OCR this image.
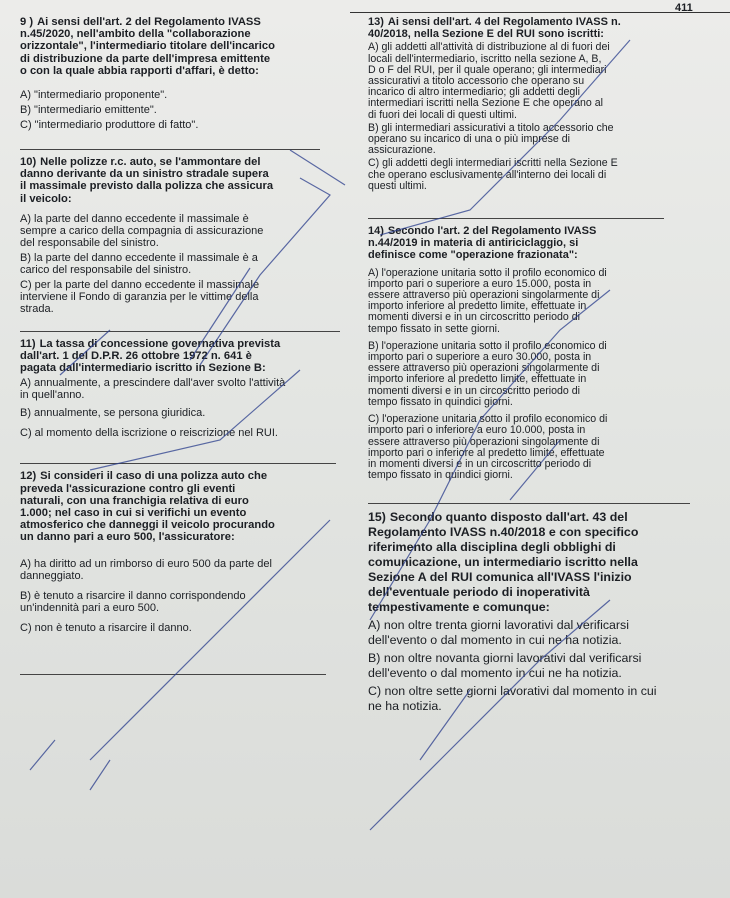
411
9 ) Ai sensi dell'art. 2 del Regolamento IVASS
n.45/2020, nell'ambito della "collaborazione
orizzontale", l'intermediario titolare dell'incarico
di distribuzione da parte dell'impresa emittente
o con la quale abbia rapporti d'affari, è detto:
A) "intermediario proponente".
B) "intermediario emittente".
C) "intermediario produttore di fatto".
10) Nelle polizze r.c. auto, se l'ammontare del
danno derivante da un sinistro stradale supera
il massimale previsto dalla polizza che assicura
il veicolo:
A) la parte del danno eccedente il massimale è
sempre a carico della compagnia di assicurazione
del responsabile del sinistro.
B) la parte del danno eccedente il massimale è a
carico del responsabile del sinistro.
C) per la parte del danno eccedente il massimale
interviene il Fondo di garanzia per le vittime della
strada.
11) La tassa di concessione governativa prevista
dall'art. 1 del D.P.R. 26 ottobre 1972 n. 641 è
pagata dall'intermediario iscritto in Sezione B:
A) annualmente, a prescindere dall'aver svolto l'attività
in quell'anno.
B) annualmente, se persona giuridica.
C) al momento della iscrizione o reiscrizione nel RUI.
12) Si consideri il caso di una polizza auto che
preveda l'assicurazione contro gli eventi
naturali, con una franchigia relativa di euro
1.000; nel caso in cui si verifichi un evento
atmosferico che danneggi il veicolo procurando
un danno pari a euro 500, l'assicuratore:
A) ha diritto ad un rimborso di euro 500 da parte del
danneggiato.
B) è tenuto a risarcire il danno corrispondendo
un'indennità pari a euro 500.
C) non è tenuto a risarcire il danno.
13) Ai sensi dell'art. 4 del Regolamento IVASS n.
40/2018, nella Sezione E del RUI sono iscritti:
A) gli addetti all'attività di distribuzione al di fuori dei
locali dell'intermediario, iscritto nella sezione A, B,
D o F del RUI, per il quale operano; gli intermediari
assicurativi a titolo accessorio che operano su
incarico di altro intermediario; gli addetti degli
intermediari iscritti nella Sezione E che operano al
di fuori dei locali di questi ultimi.
B) gli intermediari assicurativi a titolo accessorio che
operano su incarico di una o più imprese di
assicurazione.
C) gli addetti degli intermediari iscritti nella Sezione E
che operano esclusivamente all'interno dei locali di
questi ultimi.
14) Secondo l'art. 2 del Regolamento IVASS
n.44/2019 in materia di antiriciclaggio, si
definisce come "operazione frazionata":
A) l'operazione unitaria sotto il profilo economico di
importo pari o superiore a euro 15.000, posta in
essere attraverso più operazioni singolarmente di
importo inferiore al predetto limite, effettuate in
momenti diversi e in un circoscritto periodo di
tempo fissato in sette giorni.
B) l'operazione unitaria sotto il profilo economico di
importo pari o superiore a euro 30.000, posta in
essere attraverso più operazioni singolarmente di
importo inferiore al predetto limite, effettuate in
momenti diversi e in un circoscritto periodo di
tempo fissato in quindici giorni.
C) l'operazione unitaria sotto il profilo economico di
importo pari o inferiore a euro 10.000, posta in
essere attraverso più operazioni singolarmente di
importo pari o inferiore al predetto limite, effettuate
in momenti diversi e in un circoscritto periodo di
tempo fissato in quindici giorni.
15) Secondo quanto disposto dall'art. 43 del
Regolamento IVASS n.40/2018 e con specifico
riferimento alla disciplina degli obblighi di
comunicazione, un intermediario iscritto nella
Sezione A del RUI comunica all'IVASS l'inizio
dell'eventuale periodo di inoperatività
tempestivamente e comunque:
A) non oltre trenta giorni lavorativi dal verificarsi
dell'evento o dal momento in cui ne ha notizia.
B) non oltre novanta giorni lavorativi dal verificarsi
dell'evento o dal momento in cui ne ha notizia.
C) non oltre sette giorni lavorativi dal momento in cui
ne ha notizia.
